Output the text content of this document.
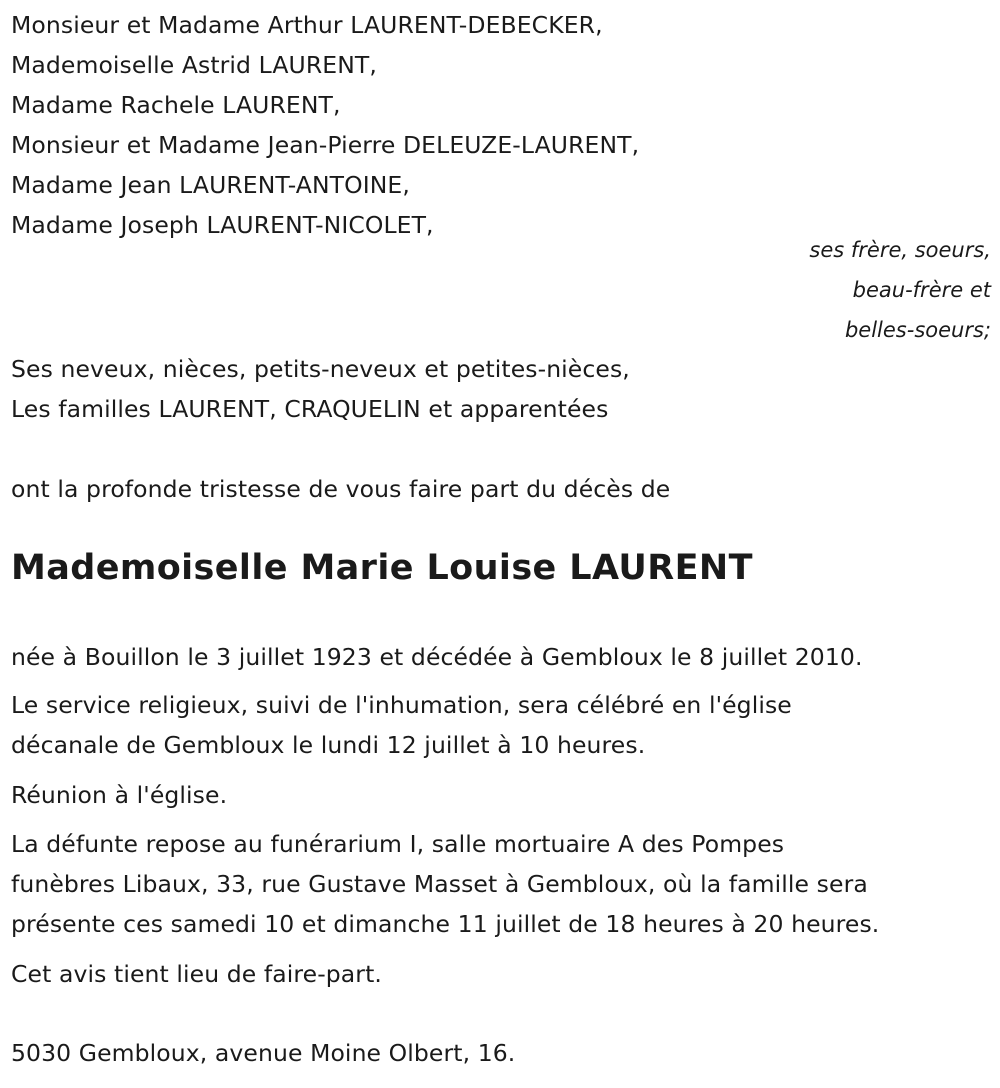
Monsieur et Madame Arthur LAURENT-DEBECKER,
Mademoiselle Astrid LAURENT,
Madame Rachele LAURENT,
Monsieur et Madame Jean-Pierre DELEUZE-LAURENT,
Madame Jean LAURENT-ANTOINE,
Madame Joseph LAURENT-NICOLET,
ses frère, soeurs,
beau-frère et
belles-soeurs;
Ses neveux, nièces, petits-neveux et petites-nièces,
Les familles LAURENT, CRAQUELIN et apparentées
ont la profonde tristesse de vous faire part du décès de
Mademoiselle Marie Louise LAURENT
née à Bouillon le 3 juillet 1923 et décédée à Gembloux le 8 juillet 2010.
Le service religieux, suivi de l'inhumation, sera célébré en l'église
décanale de Gembloux le lundi 12 juillet à 10 heures.
Réunion à l'église.
La défunte repose au funérarium I, salle mortuaire A des Pompes
funèbres Libaux, 33, rue Gustave Masset à Gembloux, où la famille sera
présente ces samedi 10 et dimanche 11 juillet de 18 heures à 20 heures.
Cet avis tient lieu de faire-part.
5030 Gembloux, avenue Moine Olbert, 16.
